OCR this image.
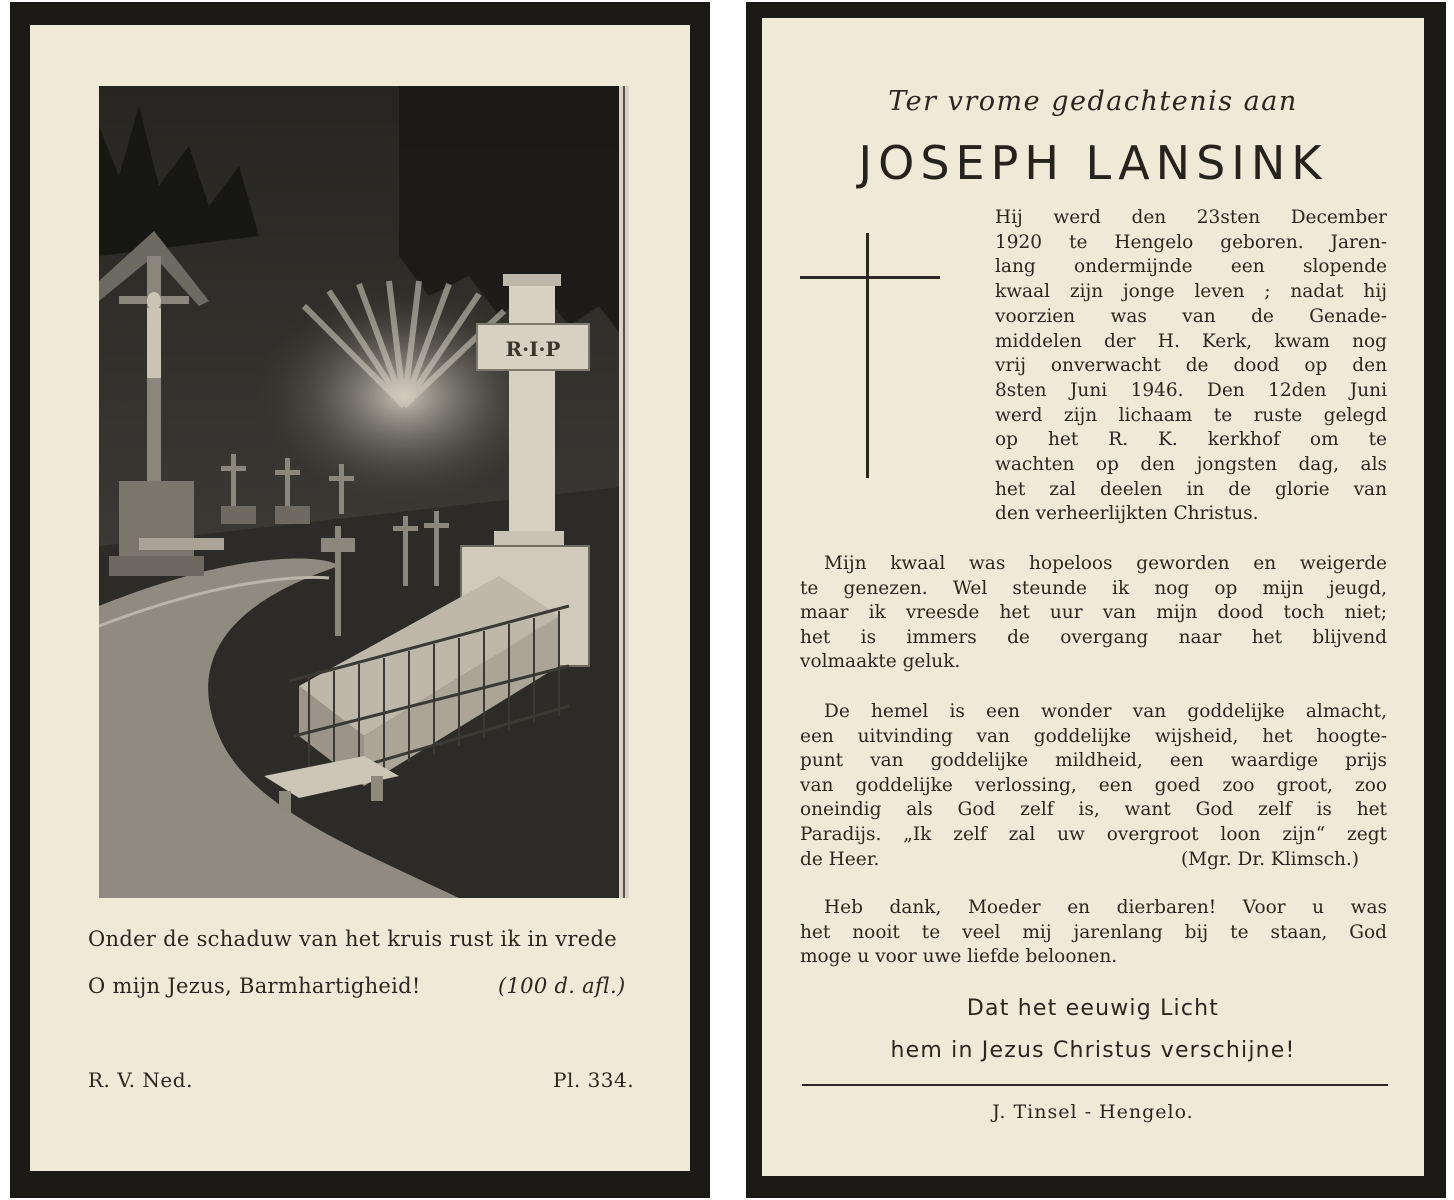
R·I·P
Onder de schaduw van het kruis rust ik in vrede
O mijn Jezus, Barmhartigheid!	(100 d. afl.)
R. V. Ned.	Pl. 334.
Ter vrome gedachtenis aan
JOSEPH LANSINK
Hij werd den 23sten December
1920 te Hengelo geboren. Jaren-
lang ondermijnde een slopende
kwaal zijn jonge leven ; nadat hij
voorzien was van de Genade-
middelen der H. Kerk, kwam nog
vrij onverwacht de dood op den
8sten Juni 1946. Den 12den Juni
werd zijn lichaam te ruste gelegd
op het R. K. kerkhof om te
wachten op den jongsten dag, als
het zal deelen in de glorie van
den verheerlijkten Christus.
Mijn kwaal was hopeloos geworden en weigerde
te genezen. Wel steunde ik nog op mijn jeugd,
maar ik vreesde het uur van mijn dood toch niet;
het is immers de overgang naar het blijvend
volmaakte geluk.
De hemel is een wonder van goddelijke almacht,
een uitvinding van goddelijke wijsheid, het hoogte-
punt van goddelijke mildheid, een waardige prijs
van goddelijke verlossing, een goed zoo groot, zoo
oneindig als God zelf is, want God zelf is het
Paradijs. „Ik zelf zal uw overgroot loon zijn“ zegt
de Heer.	(Mgr. Dr. Klimsch.)
Heb dank, Moeder en dierbaren! Voor u was
het nooit te veel mij jarenlang bij te staan, God
moge u voor uwe liefde beloonen.
Dat het eeuwig Licht
hem in Jezus Christus verschijne!
J. Tinsel - Hengelo.
